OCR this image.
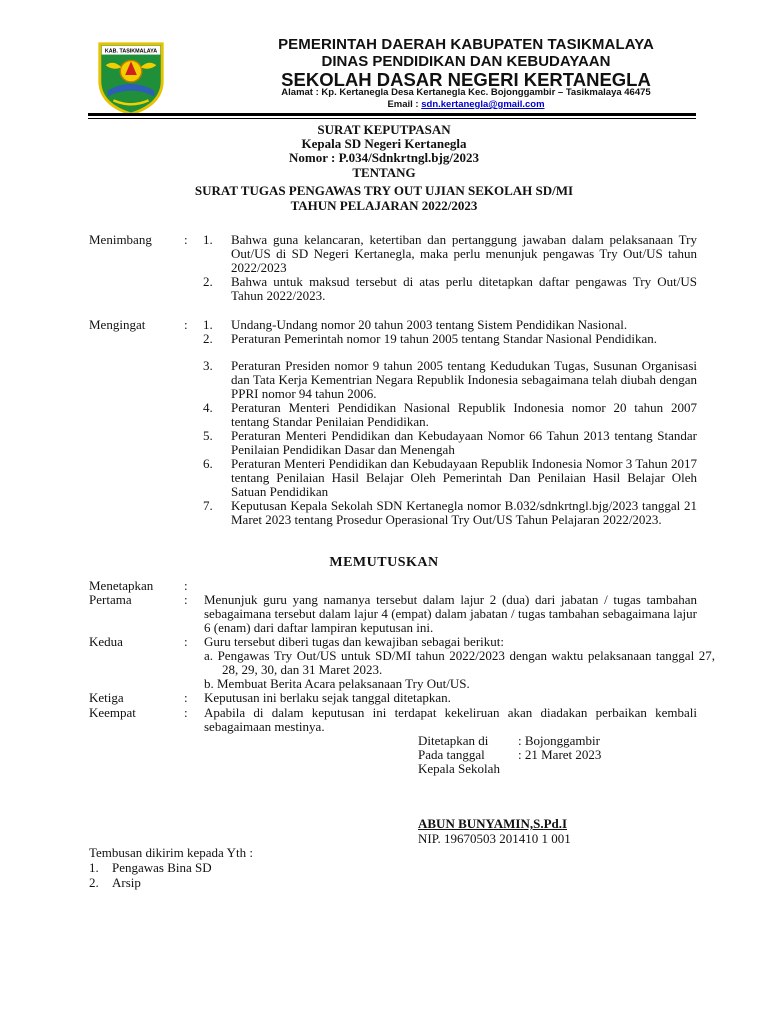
KAB. TASIKMALAYA	PEMERINTAH DAERAH KABUPATEN TASIKMALAYA
DINAS PENDIDIKAN DAN KEBUDAYAAN
SEKOLAH DASAR NEGERI KERTANEGLA
Alamat : Kp. Kertanegla Desa Kertanegla Kec. Bojonggambir – Tasikmalaya 46475
Email : sdn.kertanegla@gmail.com
SURAT KEPUTPASAN
Kepala SD Negeri Kertanegla
Nomor : P.034/Sdnkrtngl.bjg/2023
TENTANG
SURAT TUGAS PENGAWAS TRY OUT UJIAN SEKOLAH SD/MI
TAHUN PELAJARAN 2022/2023
Menimbang : 1.	Bahwa guna kelancaran, ketertiban dan pertanggung jawaban dalam pelaksanaan Try Out/US di SD Negeri Kertanegla, maka perlu menunjuk pengawas Try Out/US tahun 2022/2023
2.	Bahwa untuk maksud tersebut di atas perlu ditetapkan daftar pengawas Try Out/US Tahun 2022/2023.
Mengingat	: 1.	Undang-Undang nomor 20 tahun 2003 tentang Sistem Pendidikan Nasional.
2.	Peraturan Pemerintah nomor 19 tahun 2005 tentang Standar Nasional Pendidikan.
3.	Peraturan Presiden nomor 9 tahun 2005 tentang Kedudukan Tugas, Susunan Organisasi dan Tata Kerja Kementrian Negara Republik Indonesia sebagaimana telah diubah dengan PPRI nomor 94 tahun 2006.
4.	Peraturan Menteri Pendidikan Nasional Republik Indonesia nomor 20 tahun 2007 tentang Standar Penilaian Pendidikan.
5.	Peraturan Menteri Pendidikan dan Kebudayaan Nomor 66 Tahun 2013 tentang Standar Penilaian Pendidikan Dasar dan Menengah
6.	Peraturan Menteri Pendidikan dan Kebudayaan Republik Indonesia Nomor 3 Tahun 2017 tentang Penilaian Hasil Belajar Oleh Pemerintah Dan Penilaian Hasil Belajar Oleh Satuan Pendidikan
7.	Keputusan Kepala Sekolah SDN Kertanegla nomor B.032/sdnkrtngl.bjg/2023 tanggal 21 Maret 2023 tentang Prosedur Operasional Try Out/US Tahun Pelajaran 2022/2023.
MEMUTUSKAN
Menetapkan :
Pertama	: Menunjuk guru yang namanya tersebut dalam lajur 2 (dua) dari jabatan / tugas tambahan sebagaimana tersebut dalam lajur 4 (empat) dalam jabatan / tugas tambahan sebagaimana lajur 6 (enam) dari daftar lampiran keputusan ini.
Kedua	: Guru tersebut diberi tugas dan kewajiban sebagai berikut:
a. Pengawas Try Out/US untuk SD/MI tahun 2022/2023 dengan waktu pelaksanaan tanggal 27, 28, 29, 30, dan 31 Maret 2023.
b. Membuat Berita Acara pelaksanaan Try Out/US.
Ketiga	: Keputusan ini berlaku sejak tanggal ditetapkan.
Keempat	: Apabila di dalam keputusan ini terdapat kekeliruan akan diadakan perbaikan kembali sebagaimaan mestinya.
Ditetapkan di : Bojonggambir
Pada tanggal	: 21 Maret 2023
Kepala Sekolah
ABUN BUNYAMIN,S.Pd.I
NIP. 19670503 201410 1 001
Tembusan dikirim kepada Yth :
1. Pengawas Bina SD
2. Arsip
